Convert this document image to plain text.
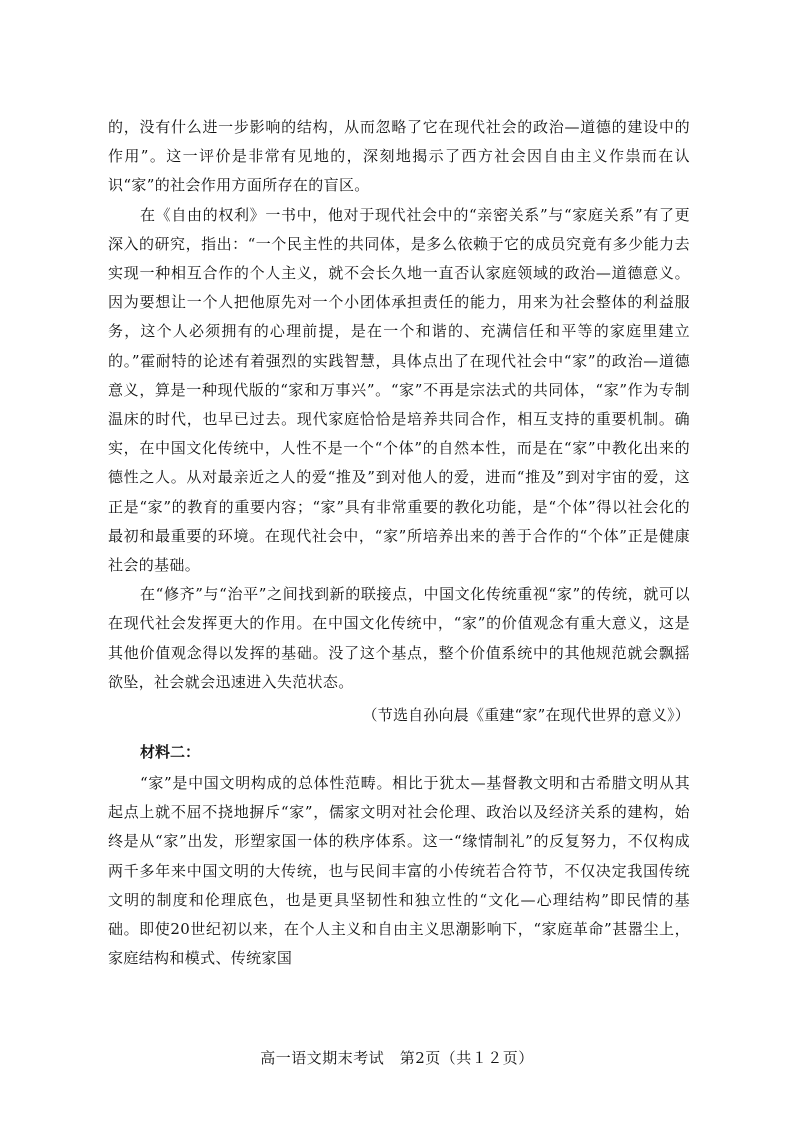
的，没有什么进一步影响的结构，从而忽略了它在现代社会的政治—道德的建设中的作用”。这一评价是非常有见地的，深刻地揭示了西方社会因自由主义作祟而在认识“家”的社会作用方面所存在的盲区。

在《自由的权利》一书中，他对于现代社会中的“亲密关系”与“家庭关系”有了更深入的研究，指出：“一个民主性的共同体，是多么依赖于它的成员究竟有多少能力去实现一种相互合作的个人主义，就不会长久地一直否认家庭领域的政治—道德意义。因为要想让一个人把他原先对一个小团体承担责任的能力，用来为社会整体的利益服务，这个人必须拥有的心理前提，是在一个和谐的、充满信任和平等的家庭里建立的。”霍耐特的论述有着强烈的实践智慧，具体点出了在现代社会中“家”的政治—道德意义，算是一种现代版的“家和万事兴”。“家”不再是宗法式的共同体，“家”作为专制温床的时代，也早已过去。现代家庭恰恰是培养共同合作，相互支持的重要机制。确实，在中国文化传统中，人性不是一个“个体”的自然本性，而是在“家”中教化出来的德性之人。从对最亲近之人的爱“推及”到对他人的爱，进而“推及”到对宇宙的爱，这正是“家”的教育的重要内容；“家”具有非常重要的教化功能，是“个体”得以社会化的最初和最重要的环境。在现代社会中，“家”所培养出来的善于合作的“个体”正是健康社会的基础。

在“修齐”与“治平”之间找到新的联接点，中国文化传统重视“家”的传统，就可以在现代社会发挥更大的作用。在中国文化传统中，“家”的价值观念有重大意义，这是其他价值观念得以发挥的基础。没了这个基点，整个价值系统中的其他规范就会飘摇欲坠，社会就会迅速进入失范状态。

（节选自孙向晨《重建“家”在现代世界的意义》）

材料二：

“家”是中国文明构成的总体性范畴。相比于犹太—基督教文明和古希腊文明从其起点上就不屈不挠地摒斥“家”，儒家文明对社会伦理、政治以及经济关系的建构，始终是从“家”出发，形塑家国一体的秩序体系。这一“缘情制礼”的反复努力，不仅构成两千多年来中国文明的大传统，也与民间丰富的小传统若合符节，不仅决定我国传统文明的制度和伦理底色，也是更具坚韧性和独立性的“文化—心理结构”即民情的基础。即使20世纪初以来，在个人主义和自由主义思潮影响下，“家庭革命”甚嚣尘上，家庭结构和模式、传统家国

高一语文期末考试　第2页（共１２页）
